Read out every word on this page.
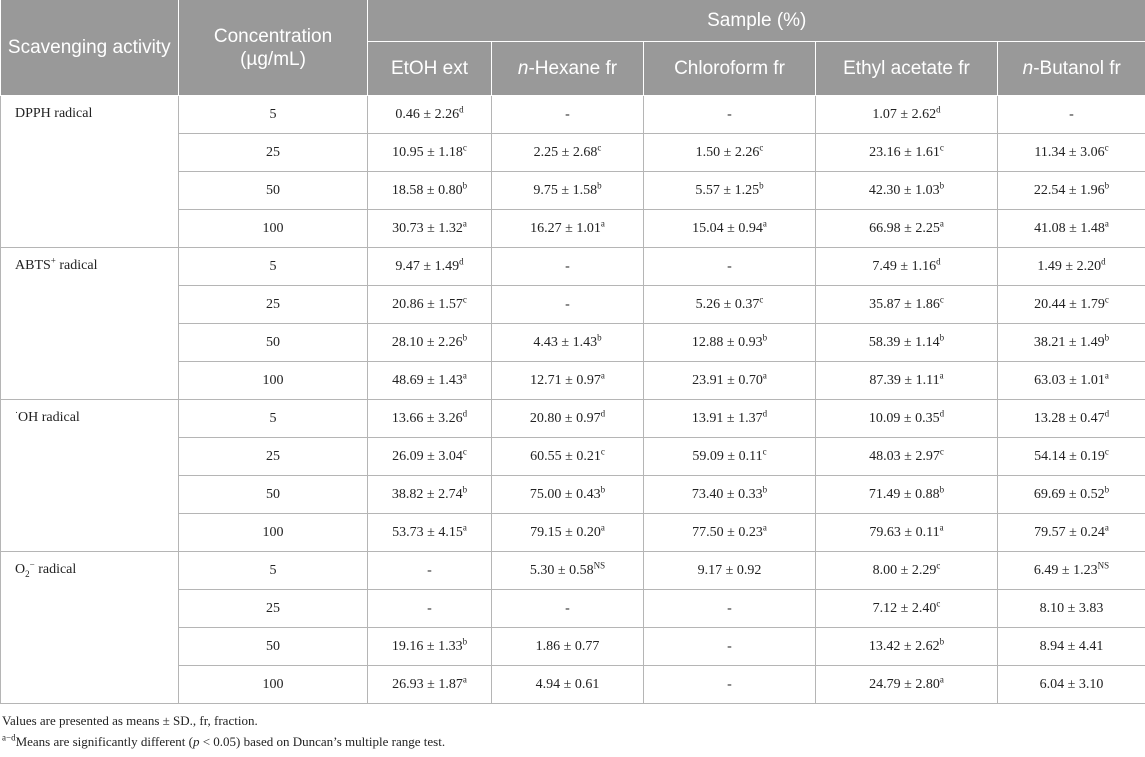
Scavenging activity	Concentration (µg/mL)	Sample (%)				
		EtOH ext	n-Hexane fr	Chloroform fr	Ethyl acetate fr	n-Butanol fr
DPPH radical	5	0.46 ± 2.26$^d$	-	-	1.07 ± 2.62$^d$	-
	25	10.95 ± 1.18$^c$	2.25 ± 2.68$^c$	1.50 ± 2.26$^c$	23.16 ± 1.61$^c$	11.34 ± 3.06$^c$
	50	18.58 ± 0.80$^b$	9.75 ± 1.58$^b$	5.57 ± 1.25$^b$	42.30 ± 1.03$^b$	22.54 ± 1.96$^b$
	100	30.73 ± 1.32$^a$	16.27 ± 1.01$^a$	15.04 ± 0.94$^a$	66.98 ± 2.25$^a$	41.08 ± 1.48$^a$
ABTS+ radical	5	9.47 ± 1.49$^d$	-	-	7.49 ± 1.16$^d$	1.49 ± 2.20$^d$
	25	20.86 ± 1.57$^c$	-	5.26 ± 0.37$^c$	35.87 ± 1.86$^c$	20.44 ± 1.79$^c$
	50	28.10 ± 2.26$^b$	4.43 ± 1.43$^b$	12.88 ± 0.93$^b$	58.39 ± 1.14$^b$	38.21 ± 1.49$^b$
	100	48.69 ± 1.43$^a$	12.71 ± 0.97$^a$	23.91 ± 0.70$^a$	87.39 ± 1.11$^a$	63.03 ± 1.01$^a$
·OH radical	5	13.66 ± 3.26$^d$	20.80 ± 0.97$^d$	13.91 ± 1.37$^d$	10.09 ± 0.35$^d$	13.28 ± 0.47$^d$
	25	26.09 ± 3.04$^c$	60.55 ± 0.21$^c$	59.09 ± 0.11$^c$	48.03 ± 2.97$^c$	54.14 ± 0.19$^c$
	50	38.82 ± 2.74$^b$	75.00 ± 0.43$^b$	73.40 ± 0.33$^b$	71.49 ± 0.88$^b$	69.69 ± 0.52$^b$
	100	53.73 ± 4.15$^a$	79.15 ± 0.20$^a$	77.50 ± 0.23$^a$	79.63 ± 0.11$^a$	79.57 ± 0.24$^a$
$O_2^-$ radical	5	-	$5.30 \pm 0.58^{NS}$	9.17 ± 0.92	8.00 ± 2.29$^c$	$6.49 \pm 1.23^{NS}$
	25	-	-	-	7.12 ± 2.40$^c$	8.10 ± 3.83
	50	19.16 ± 1.33$^b$	1.86 ± 0.77	-	13.42 ± 2.62$^b$	8.94 ± 4.41
	100	26.93 ± 1.87$^a$	4.94 ± 0.61	-	24.79 ± 2.80$^a$	6.04 ± 3.10
Values are presented as means ± SD., fr, fraction.
$^{a-d}$Means are significantly different (p < 0.05) based on Duncan’s multiple range test.
